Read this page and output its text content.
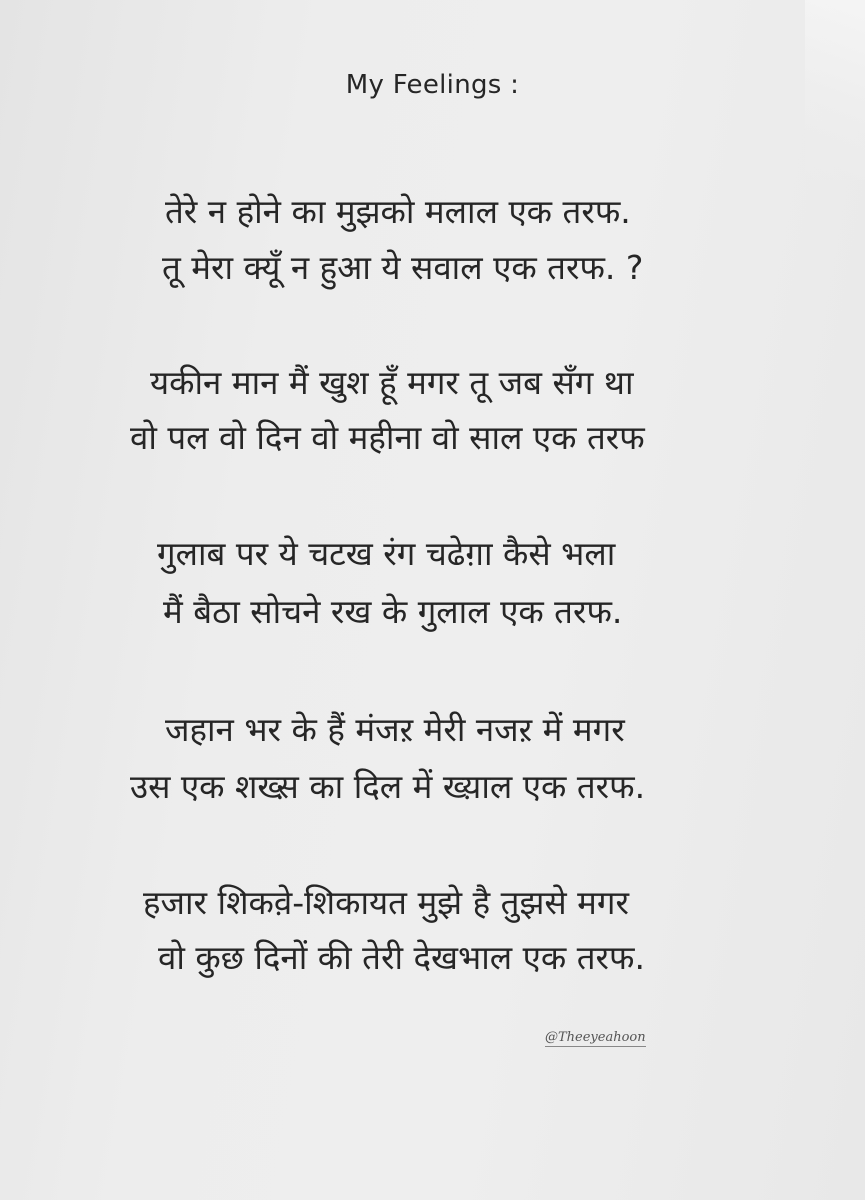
My Feelings :
तेरे न होने का मुझको मलाल एक तरफ.
तू मेरा क्यूँ न हुआ ये सवाल एक तरफ. ?
यकीन मान मैं खुश हूँ मगर तू जब सँग था
वो पल वो दिन वो महीना वो साल एक तरफ
गुलाब पर ये चटख रंग चढेग़ा कैसे भला
मैं बैठा सोचने रख के गुलाल एक तरफ.
जहान भर के हैं मंजऱ मेरी नजऱ में मगर
उस एक शख्स़ का दिल में ख्य़ाल एक तरफ.
हजार शिकवे़-शिकायत मुझे है तुझसे मगर
वो कुछ दिनों की तेरी देखभाल एक तरफ.
@Theeyeahoon
